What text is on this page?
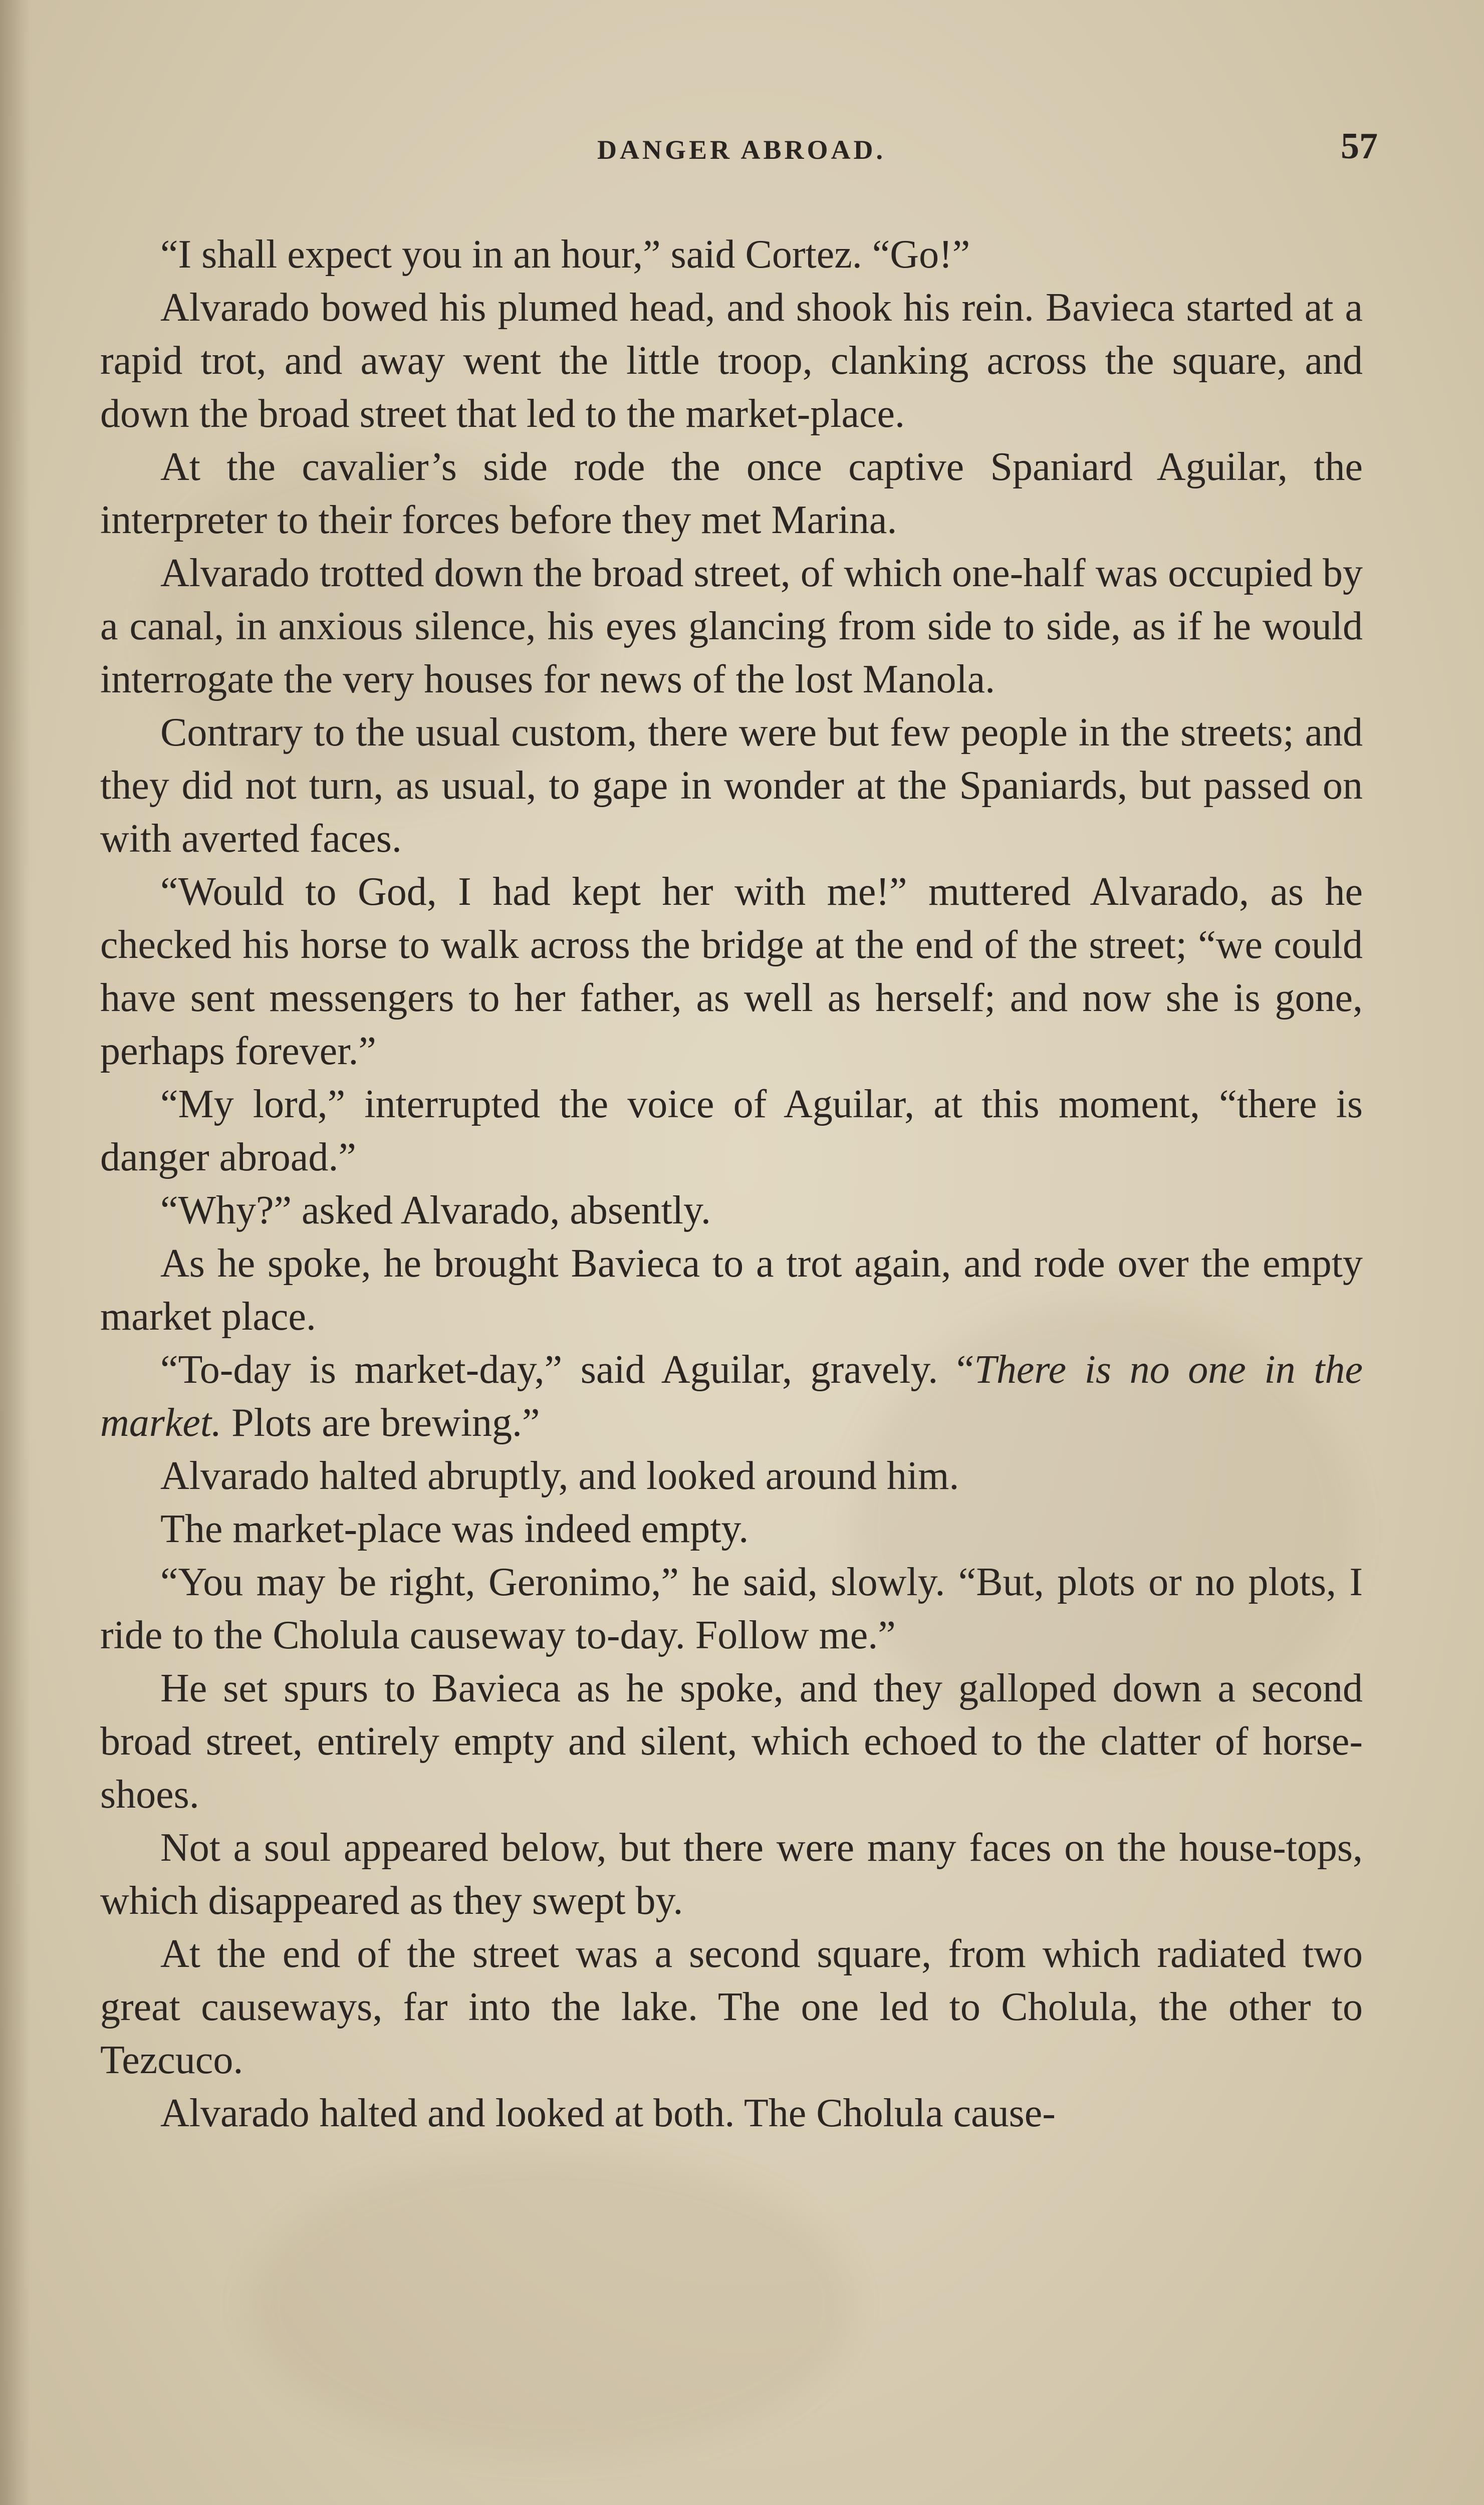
DANGER ABROAD.	57

“I shall expect you in an hour,” said Cortez. “Go!”

Alvarado bowed his plumed head, and shook his rein. Bavieca started at a rapid trot, and away went the little troop, clanking across the square, and down the broad street that led to the market-place.

At the cavalier’s side rode the once captive Spaniard Aguilar, the interpreter to their forces before they met Marina.

Alvarado trotted down the broad street, of which one-half was occupied by a canal, in anxious silence, his eyes glancing from side to side, as if he would interrogate the very houses for news of the lost Manola.

Contrary to the usual custom, there were but few people in the streets; and they did not turn, as usual, to gape in wonder at the Spaniards, but passed on with averted faces.

“Would to God, I had kept her with me!” muttered Alvarado, as he checked his horse to walk across the bridge at the end of the street; “we could have sent messengers to her father, as well as herself; and now she is gone, perhaps forever.”

“My lord,” interrupted the voice of Aguilar, at this moment, “there is danger abroad.”

“Why?” asked Alvarado, absently.

As he spoke, he brought Bavieca to a trot again, and rode over the empty market place.

“To-day is market-day,” said Aguilar, gravely. “There is no one in the market. Plots are brewing.”

Alvarado halted abruptly, and looked around him.

The market-place was indeed empty.

“You may be right, Geronimo,” he said, slowly. “But, plots or no plots, I ride to the Cholula causeway to-day. Follow me.”

He set spurs to Bavieca as he spoke, and they galloped down a second broad street, entirely empty and silent, which echoed to the clatter of horse-shoes.

Not a soul appeared below, but there were many faces on the house-tops, which disappeared as they swept by.

At the end of the street was a second square, from which radiated two great causeways, far into the lake. The one led to Cholula, the other to Tezcuco.

Alvarado halted and looked at both. The Cholula cause-
